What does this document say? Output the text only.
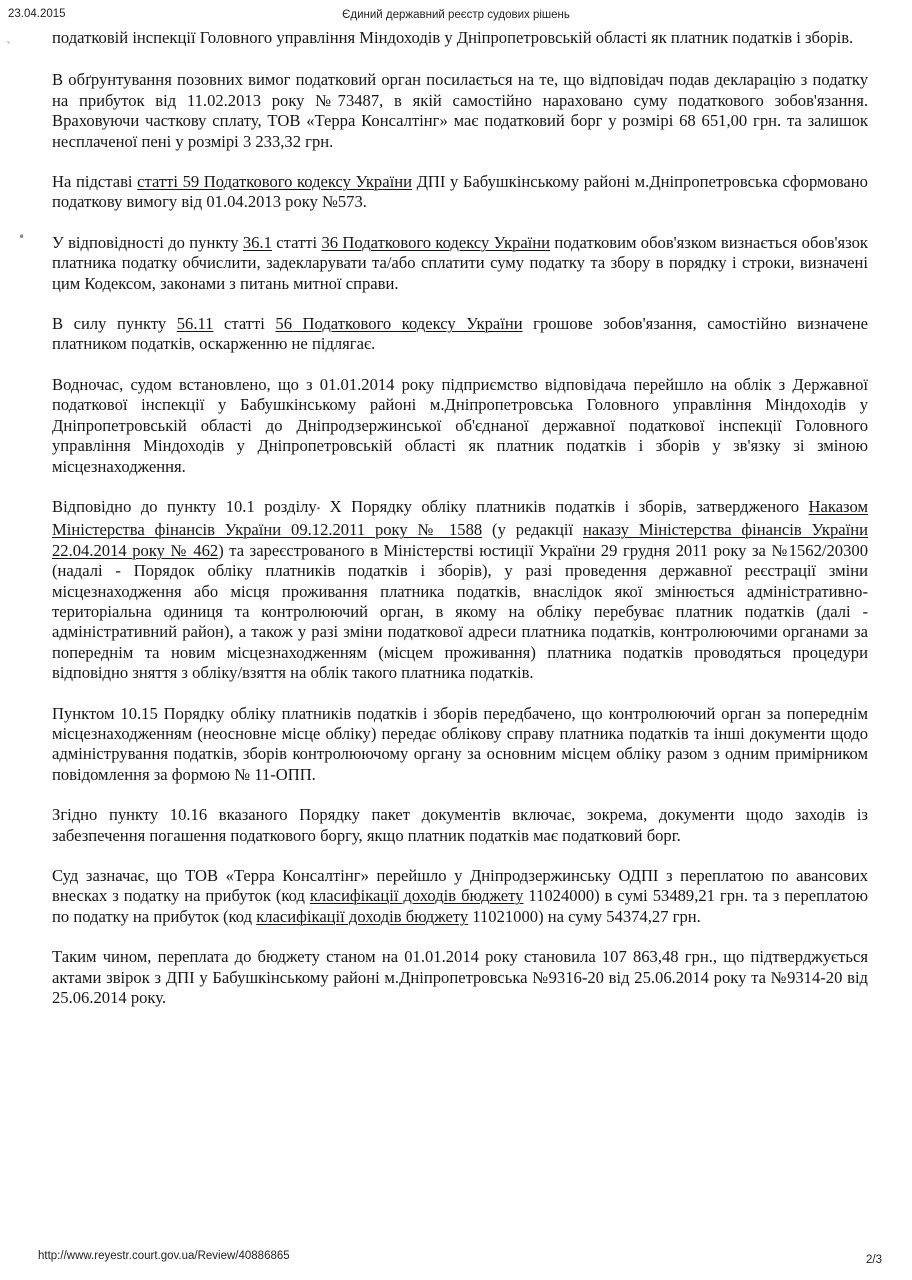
23.04.2015	Єдиний державний реєстр судових рішень
`
•

податковій інспекції Головного управління Міндоходів у Дніпропетровській області як платник податків і зборів.

В обґрунтування позовних вимог податковий орган посилається на те, що відповідач подав декларацію з податку на прибуток від 11.02.2013 року №73487, в якій самостійно нараховано суму податкового зобов'язання. Враховуючи часткову сплату, ТОВ «Терра Консалтінг» має податковий борг у розмірі 68 651,00 грн. та залишок несплаченої пені у розмірі 3 233,32 грн.

На підставі статті 59 Податкового кодексу України ДПІ у Бабушкінському районі м.Дніпропетровська сформовано податкову вимогу від 01.04.2013 року №573.

У відповідності до пункту 36.1 статті 36 Податкового кодексу України податковим обов'язком визнається обов'язок платника податку обчислити, задекларувати та/або сплатити суму податку та збору в порядку і строки, визначені цим Кодексом, законами з питань митної справи.

В силу пункту 56.11 статті 56 Податкового кодексу України грошове зобов'язання, самостійно визначене платником податків, оскарженню не підлягає.

Водночас, судом встановлено, що з 01.01.2014 року підприємство відповідача перейшло на облік з Державної податкової інспекції у Бабушкінському районі м.Дніпропетровська Головного управління Міндоходів у Дніпропетровській області до Дніпродзержинської об'єднаної державної податкової інспекції Головного управління Міндоходів у Дніпропетровській області як платник податків і зборів у зв'язку зі зміною місцезнаходження.

Відповідно до пункту 10.1 розділу• X Порядку обліку платників податків і зборів, затвердженого Наказом Міністерства фінансів України 09.12.2011 року № 1588 (у редакції наказу Міністерства фінансів України 22.04.2014 року № 462) та зареєстрованого в Міністерстві юстиції України 29 грудня 2011 року за №1562/20300 (надалі - Порядок обліку платників податків і зборів), у разі проведення державної реєстрації зміни місцезнаходження або місця проживання платника податків, внаслідок якої змінюється адміністративно-територіальна одиниця та контролюючий орган, в якому на обліку перебуває платник податків (далі - адміністративний район), а також у разі зміни податкової адреси платника податків, контролюючими органами за попереднім та новим місцезнаходженням (місцем проживання) платника податків проводяться процедури відповідно зняття з обліку/взяття на облік такого платника податків.

Пунктом 10.15 Порядку обліку платників податків і зборів передбачено, що контролюючий орган за попереднім місцезнаходженням (неосновне місце обліку) передає облікову справу платника податків та інші документи щодо адміністрування податків, зборів контролюючому органу за основним місцем обліку разом з одним примірником повідомлення за формою № 11-ОПП.

Згідно пункту 10.16 вказаного Порядку пакет документів включає, зокрема, документи щодо заходів із забезпечення погашення податкового боргу, якщо платник податків має податковий борг.

Суд зазначає, що ТОВ «Терра Консалтінг» перейшло у Дніпродзержинську ОДПІ з переплатою по авансових внесках з податку на прибуток (код класифікації доходів бюджету 11024000) в сумі 53489,21 грн. та з переплатою по податку на прибуток (код класифікації доходів бюджету 11021000) на суму 54374,27 грн.

Таким чином, переплата до бюджету станом на 01.01.2014 року становила 107 863,48 грн., що підтверджується актами звірок з ДПІ у Бабушкінському районі м.Дніпропетровська №9316-20 від 25.06.2014 року та №9314-20 від 25.06.2014 року.

http://www.reyestr.court.gov.ua/Review/40886865	2/3
